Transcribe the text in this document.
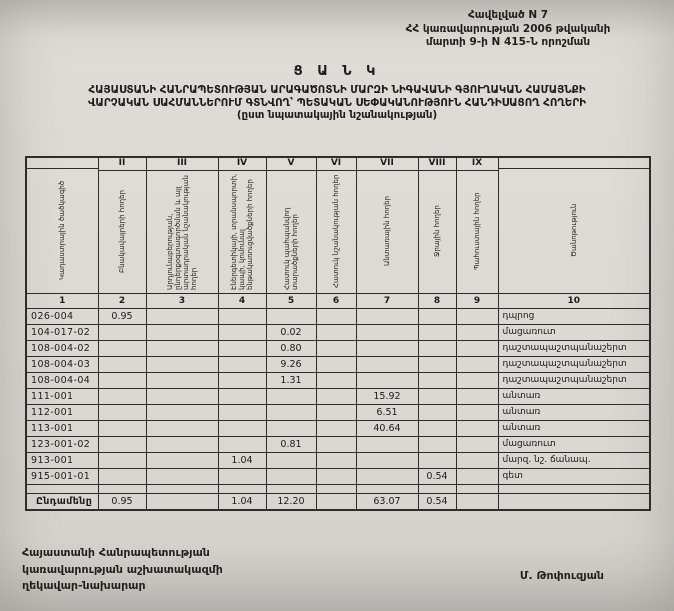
Հավելված N 7
ՀՀ կառավարության 2006 թվականի
մարտի 9-ի N 415-Ն որոշման
Ց Ա Ն Կ
ՀԱՅԱՍՏԱՆԻ ՀԱՆՐԱՊԵՏՈՒԹՅԱՆ ԱՐԱԳԱԾՈՏՆԻ ՄԱՐԶԻ ՆԻԳԱՎԱՆԻ ԳՅՈՒՂԱԿԱՆ ՀԱՄԱՅՆՔԻ
ՎԱՐՉԱԿԱՆ ՍԱՀՄԱՆՆԵՐՈՒՄ ԳՏՆՎՈՂ՝ ՊԵՏԱԿԱՆ ՍԵՓԱԿԱՆՈՒԹՅՈՒՆ ՀԱՆԴԻՍԱՑՈՂ ՀՈՂԵՐԻ
(ըստ նպատակային նշանակության)
Կադաստրային ծածկագիծ

II
Բնակավայրերի հողեր

III
Արդյունաբերության, ընդերքօգտագործման և այլ արտադրական նշանակության հողեր

IV
Էներգետիկայի, տրանսպորտի, կապի, կոմունալ ենթակառուցվածքների հողեր

V
Հատուկ պահպանվող տարածքների հողեր

VI
Հատուկ նշանակության հողեր

VII
Անտառային հողեր

VIII
Ջրային հողեր

IX
Պահուստային հողեր	Ծանոթություն

1	2	3	4	5	6	7	8	9	10
026-004	0.95								դպրոց
104-017-02				0.02					մացառուտ
108-004-02				0.80					դաշտապաշտպանաշերտ
108-004-03				9.26					դաշտապաշտպանաշերտ
108-004-04				1.31					դաշտապաշտպանաշերտ
111-001						15.92			անտառ
112-001						6.51			անտառ
113-001						40.64			անտառ
123-001-02				0.81					մացառուտ
913-001			1.04						մարզ. նշ. ճանապ.
915-001-01							0.54		գետ

Ընդամենը	0.95		1.04	12.20		63.07	0.54		
Հայաստանի Հանրապետության
կառավարության աշխատակազմի
ղեկավար-նախարար
Մ. Թոփուզյան
